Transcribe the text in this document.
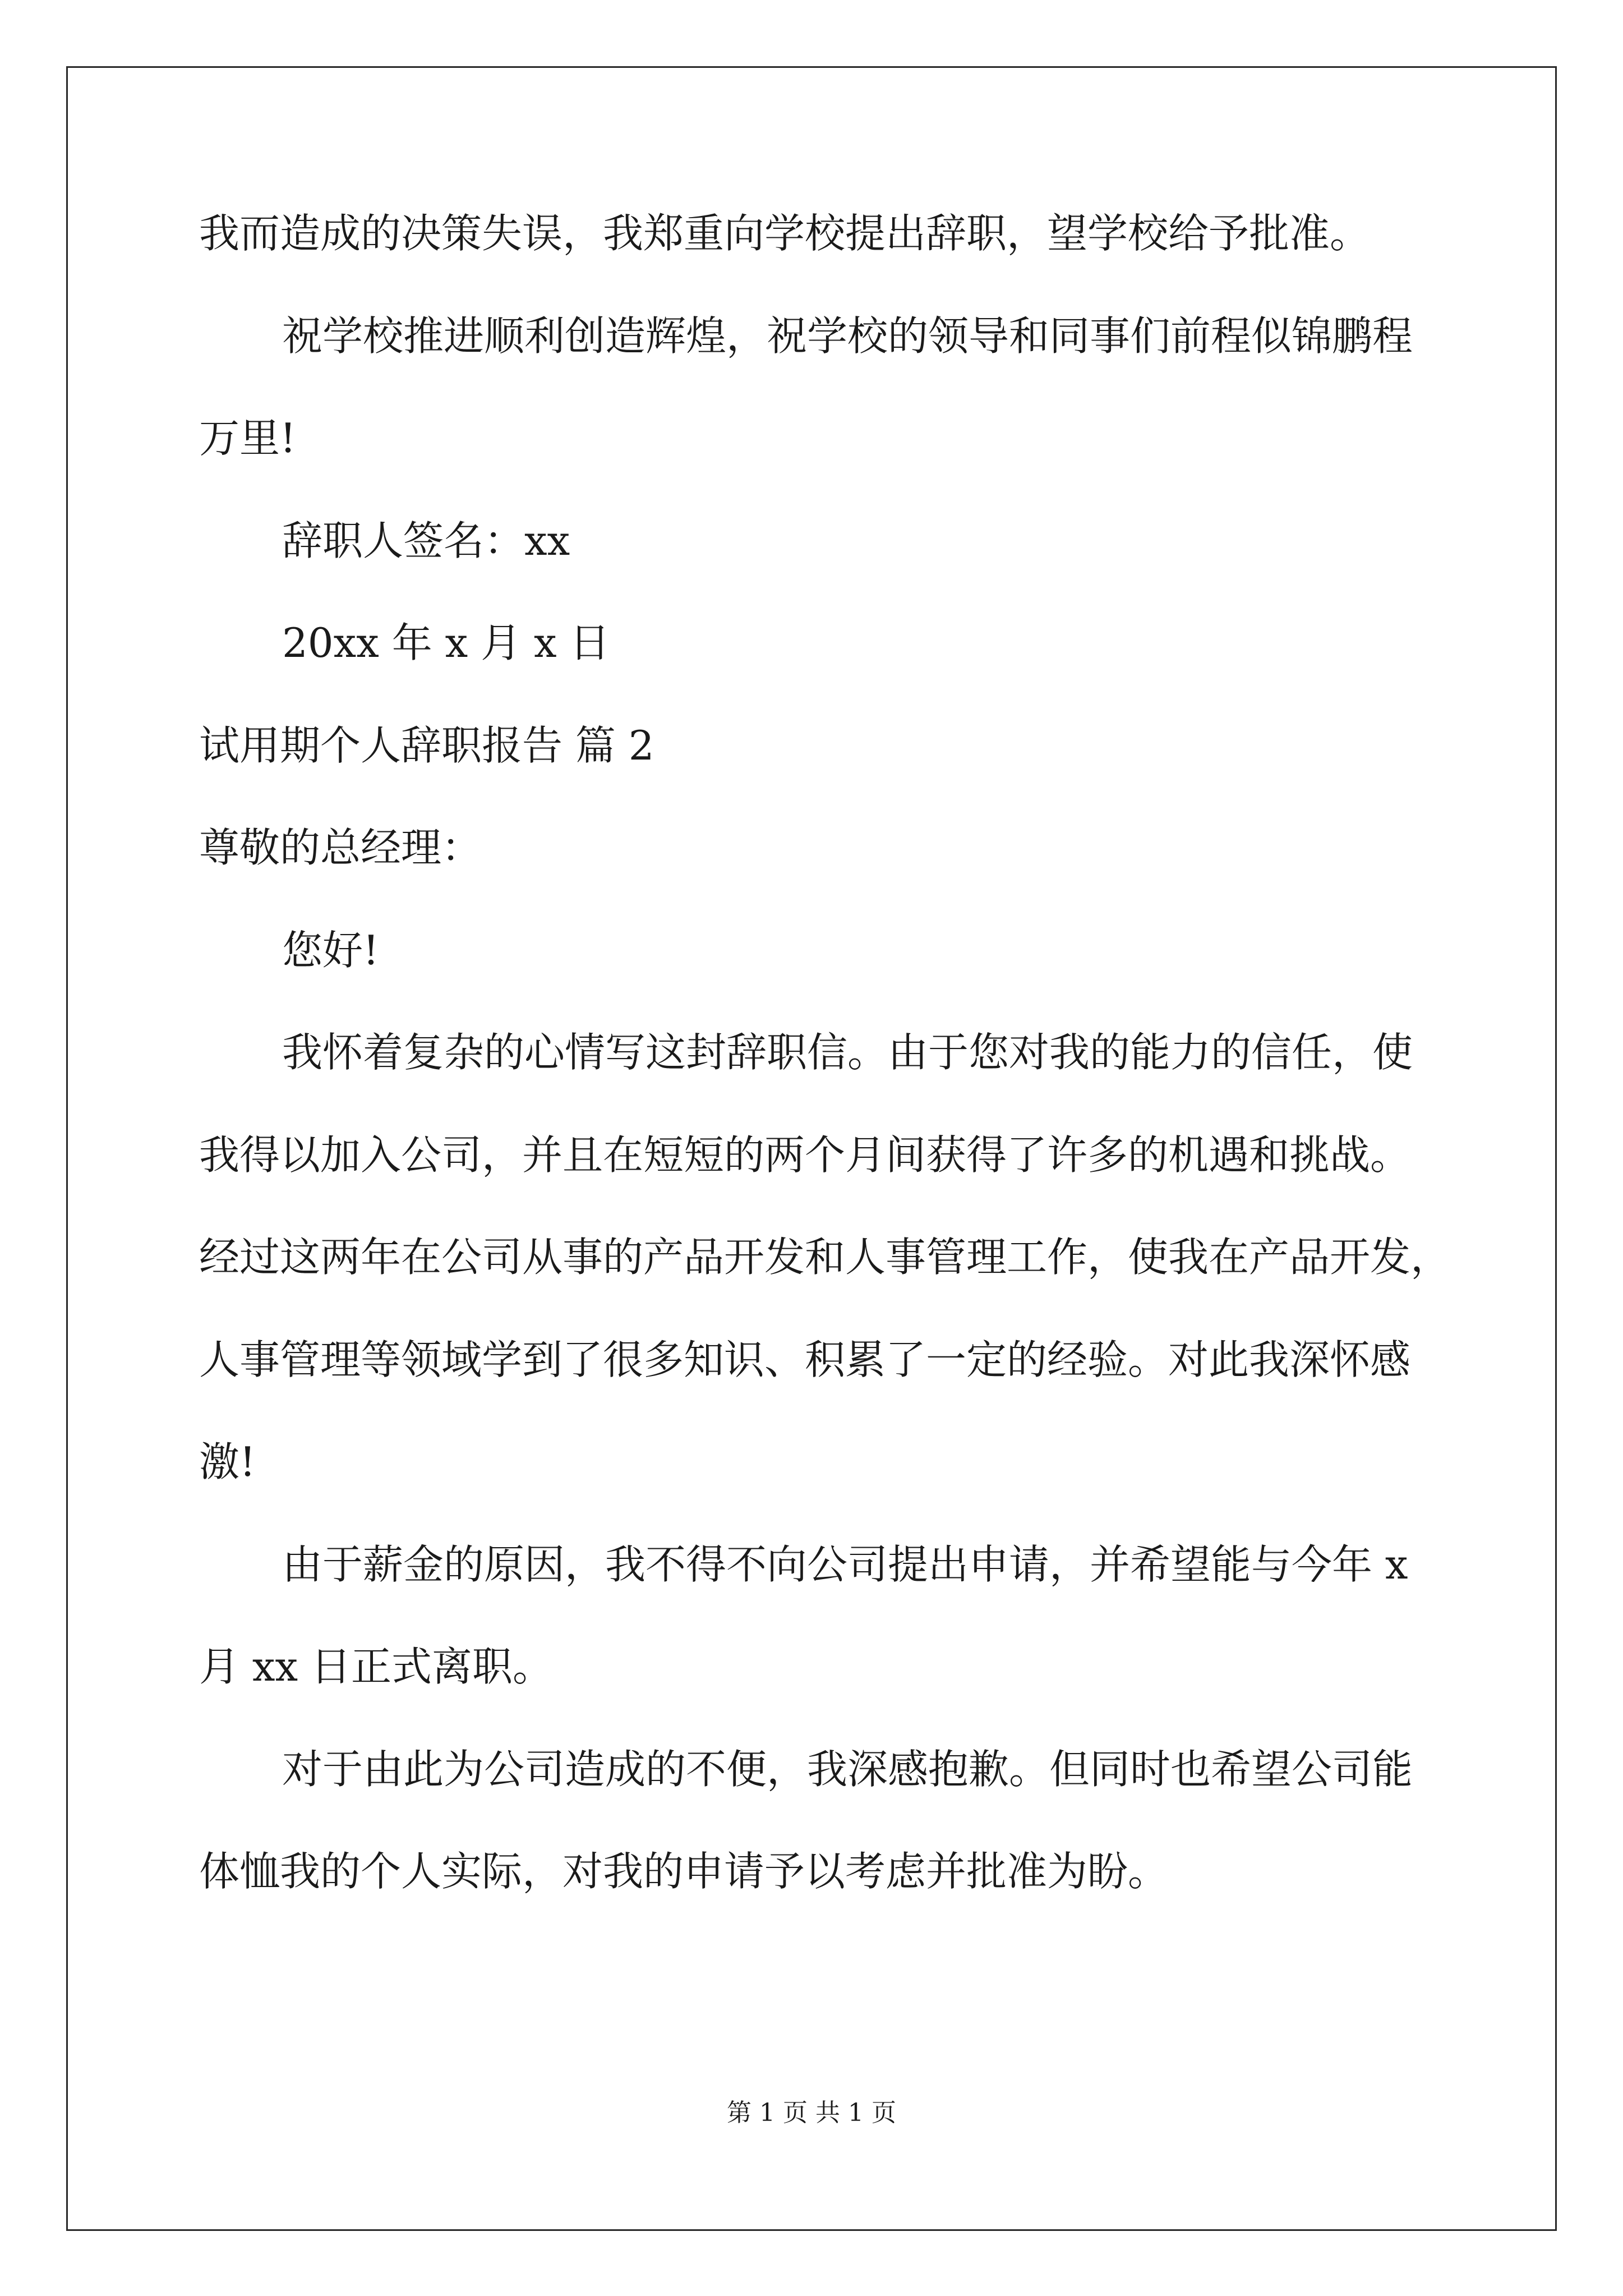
我而造成的决策失误，我郑重向学校提出辞职，望学校给予批准。
祝学校推进顺利创造辉煌，祝学校的领导和同事们前程似锦鹏程
万里!
辞职人签名：xx
20xx 年 x 月 x 日
试用期个人辞职报告 篇 2
尊敬的总经理：
您好!
我怀着复杂的心情写这封辞职信。由于您对我的能力的信任，使
我得以加入公司，并且在短短的两个月间获得了许多的机遇和挑战。
经过这两年在公司从事的产品开发和人事管理工作，使我在产品开发，
人事管理等领域学到了很多知识、积累了一定的经验。对此我深怀感
激!
由于薪金的原因，我不得不向公司提出申请，并希望能与今年 x
月 xx 日正式离职。
对于由此为公司造成的不便，我深感抱歉。但同时也希望公司能
体恤我的个人实际，对我的申请予以考虑并批准为盼。
第 1 页 共 1 页
